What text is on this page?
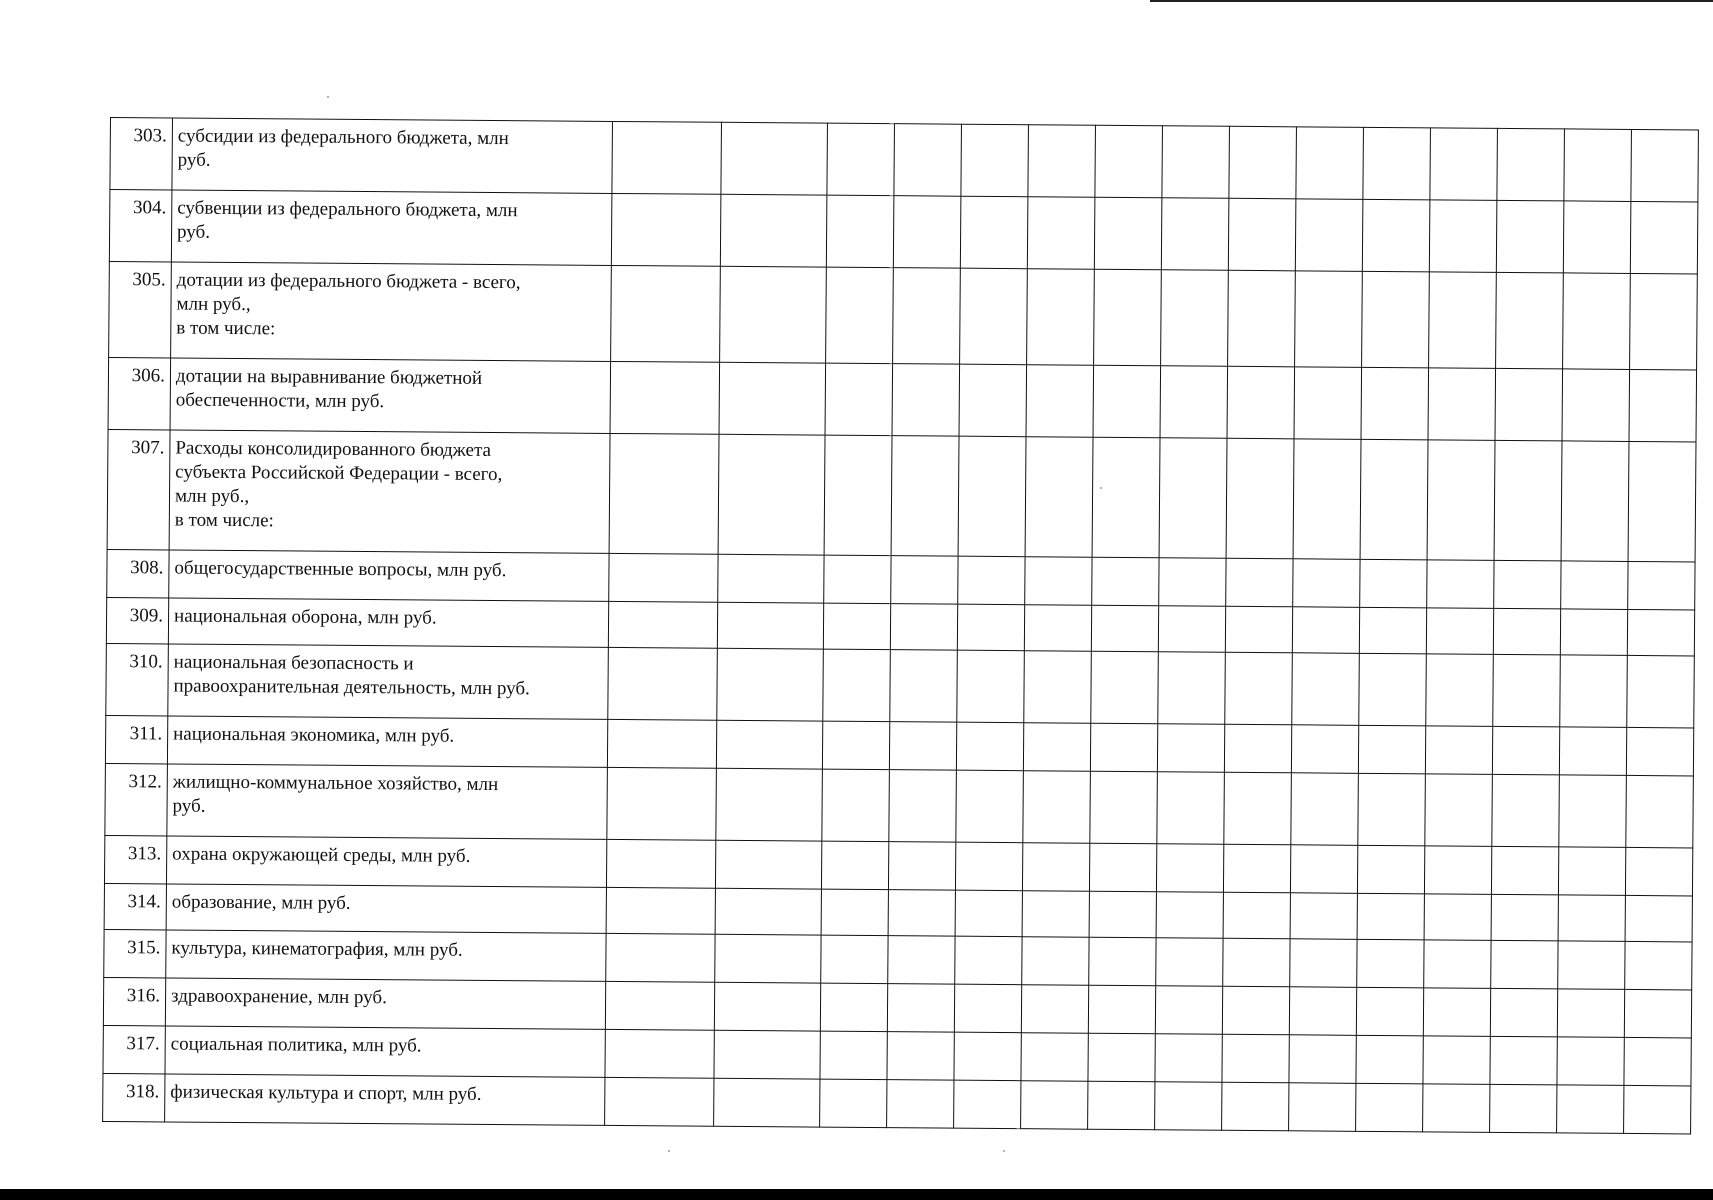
303.	субсидии из федерального бюджета, млн
руб.															
304.	субвенции из федерального бюджета, млн
руб.															
305.	дотации из федерального бюджета - всего,
млн руб.,
в том числе:															
306.	дотации на выравнивание бюджетной
обеспеченности, млн руб.															
307.	Расходы консолидированного бюджета
субъекта Российской Федерации - всего,
млн руб.,
в том числе:															
308.	общегосударственные вопросы, млн руб.															
309.	национальная оборона, млн руб.															
310.	национальная безопасность и
правоохранительная деятельность, млн руб.															
311.	национальная экономика, млн руб.															
312.	жилищно-коммунальное хозяйство, млн
руб.															
313.	охрана окружающей среды, млн руб.															
314.	образование, млн руб.															
315.	культура, кинематография, млн руб.															
316.	здравоохранение, млн руб.															
317.	социальная политика, млн руб.															
318.	физическая культура и спорт, млн руб.															
